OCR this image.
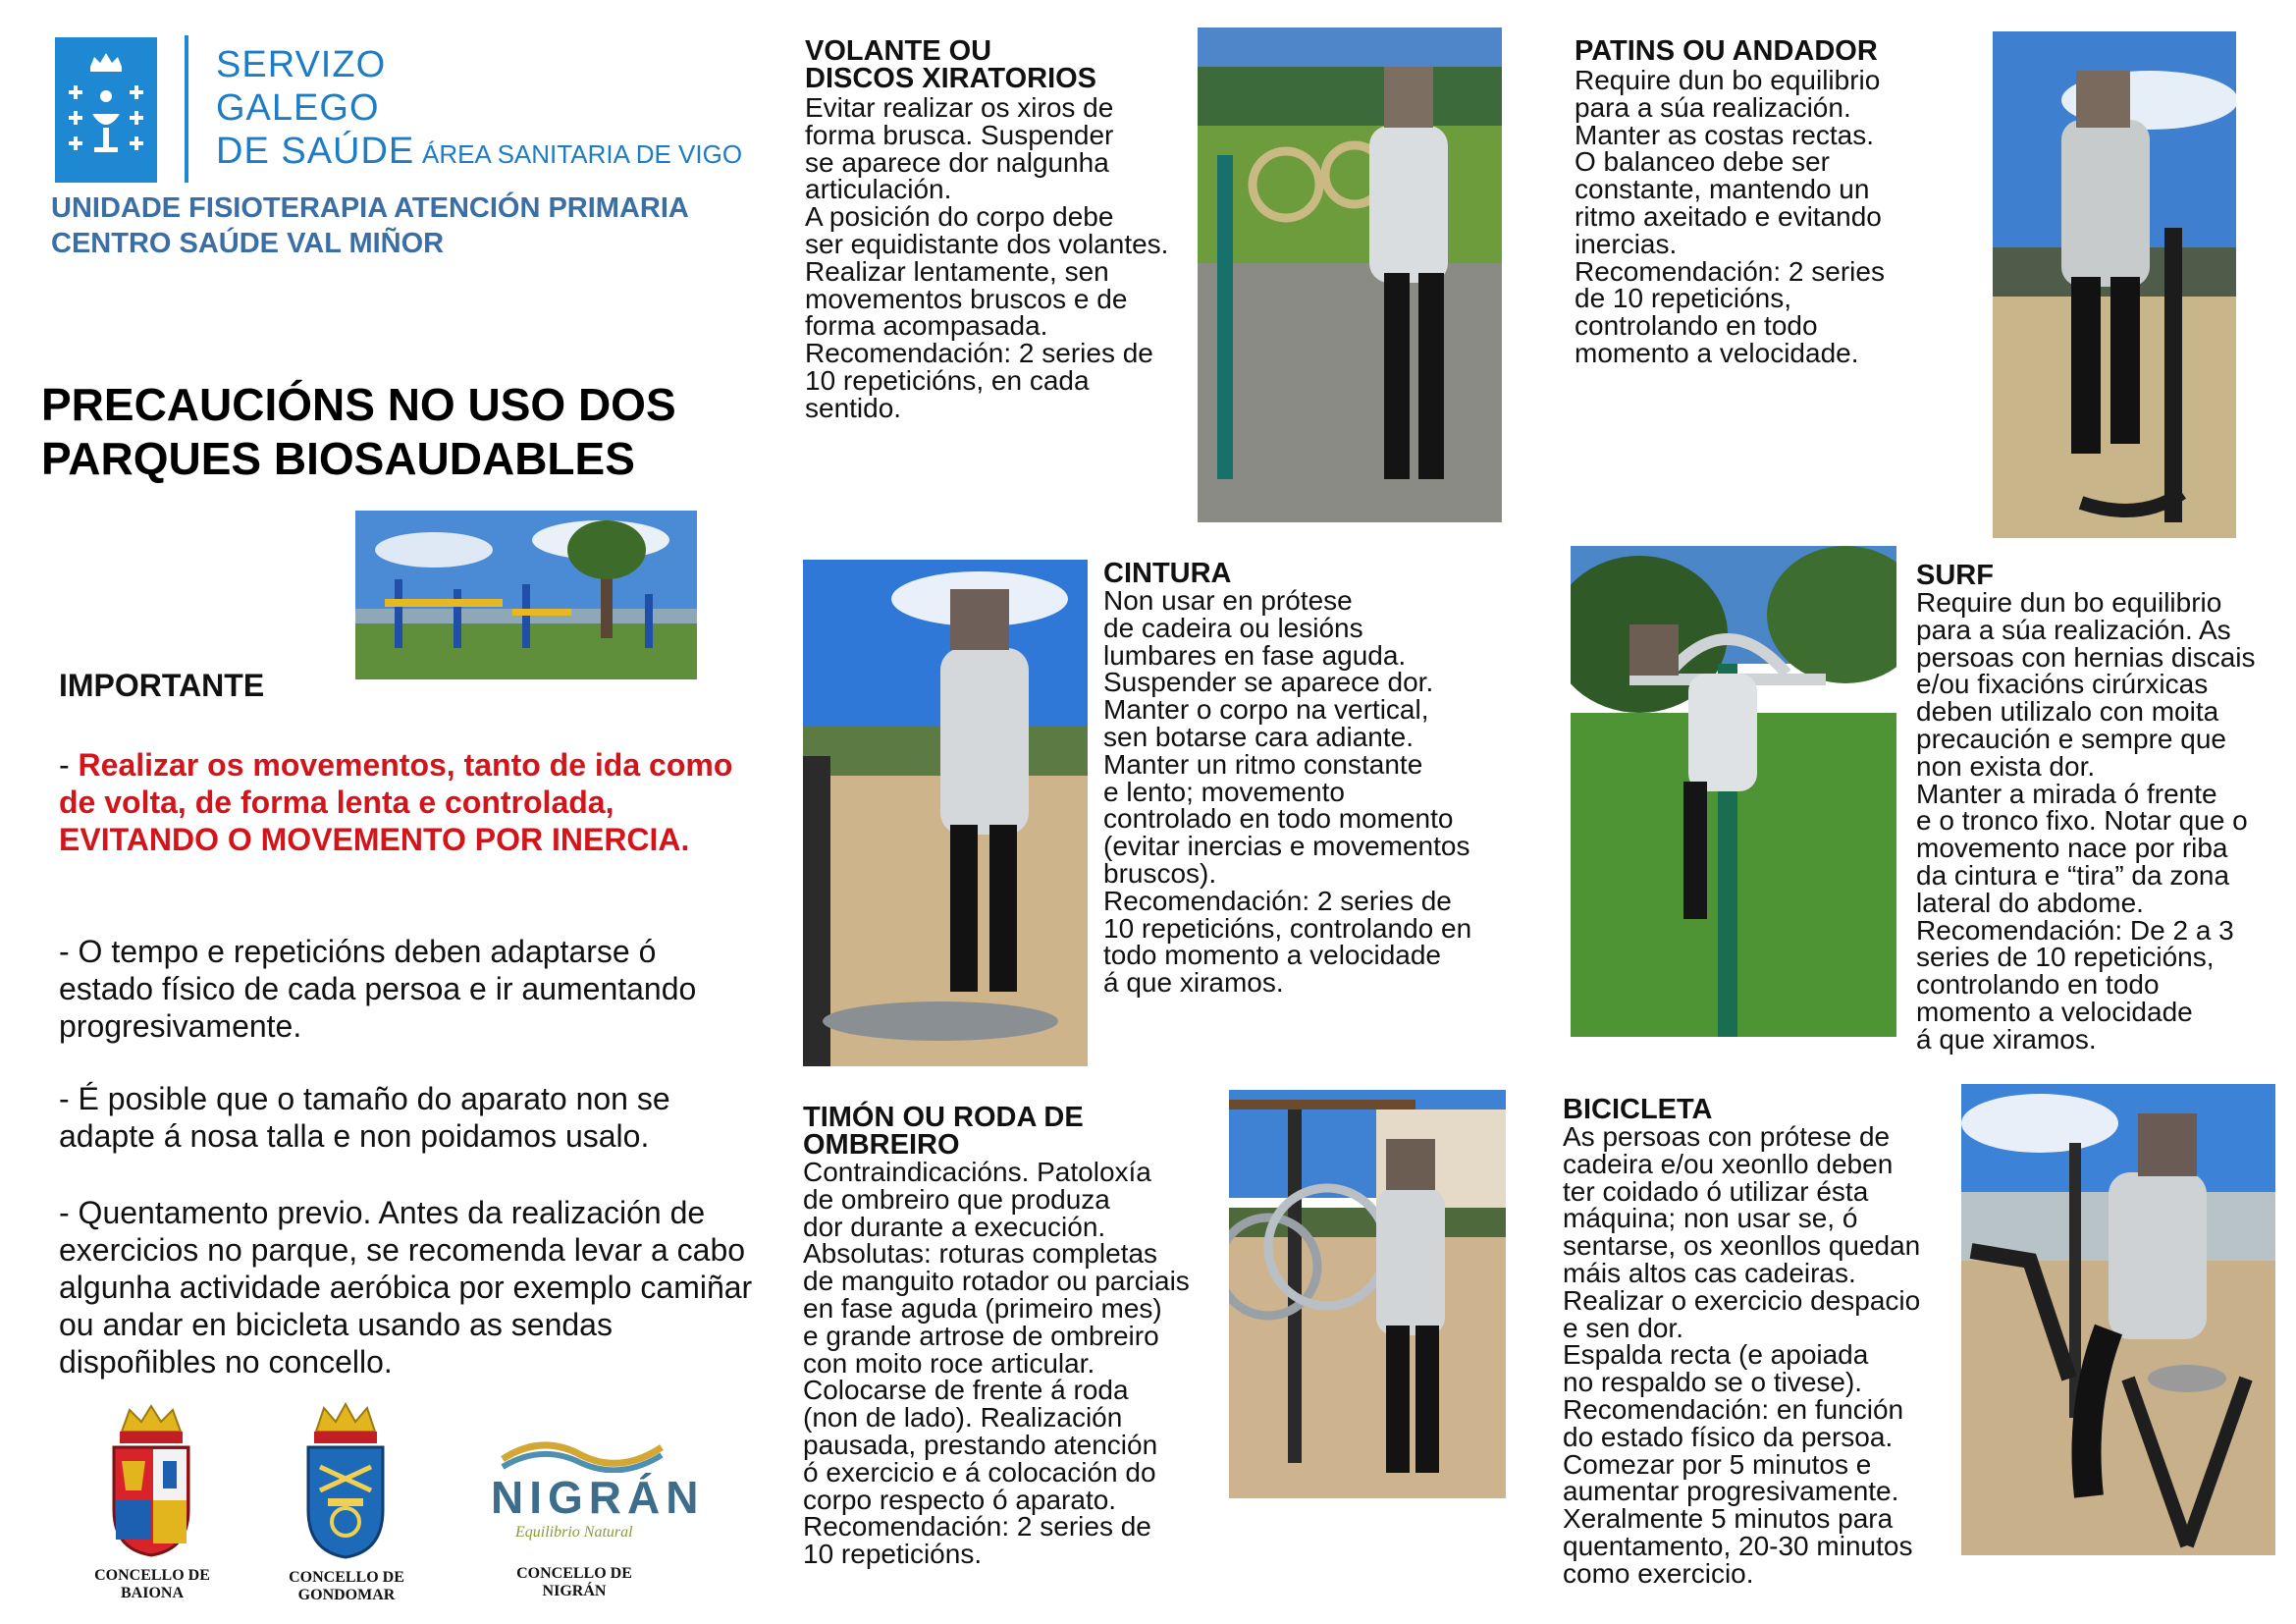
SERVIZO
GALEGO
DE SAÚDE ÁREA SANITARIA DE VIGO
UNIDADE FISIOTERAPIA ATENCIÓN PRIMARIA
CENTRO SAÚDE VAL MIÑOR
PRECAUCIÓNS NO USO DOS
PARQUES BIOSAUDABLES
IMPORTANTE
- Realizar os movementos, tanto de ida como de volta, de forma lenta e controlada, EVITANDO O MOVEMENTO POR INERCIA.
- O tempo e repeticións deben adaptarse ó estado físico de cada persoa e ir aumentando progresivamente.
- É posible que o tamaño do aparato non se adapte á nosa talla e non poidamos usalo.
- Quentamento previo. Antes da realización de exercicios no parque, se recomenda levar a cabo algunha actividade aeróbica por exemplo camiñar ou andar en bicicleta usando as sendas dispoñibles no concello.
CONCELLO DE
BAIONA
CONCELLO DE
GONDOMAR
NIGRÁN
Equilibrio Natural
CONCELLO DE
NIGRÁN
VOLANTE OU
DISCOS XIRATORIOS
Evitar realizar os xiros de
forma brusca. Suspender
se aparece dor nalgunha
articulación.
A posición do corpo debe
ser equidistante dos volantes.
Realizar lentamente, sen
movementos bruscos e de
forma acompasada.
Recomendación: 2 series de
10 repeticións, en cada
sentido.
PATINS OU ANDADOR
Require dun bo equilibrio
para a súa realización.
Manter as costas rectas.
O balanceo debe ser
constante, mantendo un
ritmo axeitado e evitando
inercias.
Recomendación: 2 series
de 10 repeticións,
controlando en todo
momento a velocidade.
CINTURA
Non usar en prótese
de cadeira ou lesións
lumbares en fase aguda.
Suspender se aparece dor.
Manter o corpo na vertical,
sen botarse cara adiante.
Manter un ritmo constante
e lento; movemento
controlado en todo momento
(evitar inercias e movementos
bruscos).
Recomendación: 2 series de
10 repeticións, controlando en
todo momento a velocidade
á que xiramos.
SURF
Require dun bo equilibrio
para a súa realización. As
persoas con hernias discais
e/ou fixacións cirúrxicas
deben utilizalo con moita
precaución e sempre que
non exista dor.
Manter a mirada ó frente
e o tronco fixo. Notar que o
movemento nace por riba
da cintura e “tira” da zona
lateral do abdome.
Recomendación: De 2 a 3
series de 10 repeticións,
controlando en todo
momento a velocidade
á que xiramos.
TIMÓN OU RODA DE
OMBREIRO
Contraindicacións. Patoloxía
de ombreiro que produza
dor durante a execución.
Absolutas: roturas completas
de manguito rotador ou parciais
en fase aguda (primeiro mes)
e grande artrose de ombreiro
con moito roce articular.
Colocarse de frente á roda
(non de lado). Realización
pausada, prestando atención
ó exercicio e á colocación do
corpo respecto ó aparato.
Recomendación: 2 series de
10 repeticións.
BICICLETA
As persoas con prótese de
cadeira e/ou xeonllo deben
ter coidado ó utilizar ésta
máquina; non usar se, ó
sentarse, os xeonllos quedan
máis altos cas cadeiras.
Realizar o exercicio despacio
e sen dor.
Espalda recta (e apoiada
no respaldo se o tivese).
Recomendación: en función
do estado físico da persoa.
Comezar por 5 minutos e
aumentar progresivamente.
Xeralmente 5 minutos para
quentamento, 20-30 minutos
como exercicio.
